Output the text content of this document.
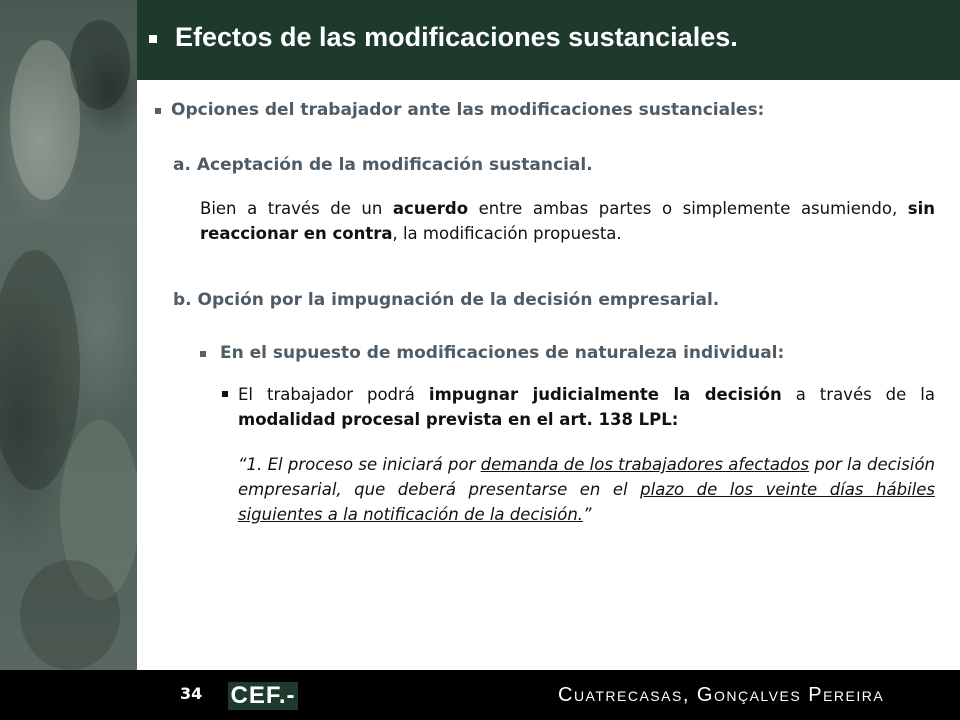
Efectos de las modificaciones sustanciales.
Opciones del trabajador ante las modificaciones sustanciales:
a. Aceptación de la modificación sustancial.
Bien a través de un acuerdo entre ambas partes o simplemente asumiendo, sin reaccionar en contra, la modificación propuesta.
b. Opción por la impugnación de la decisión empresarial.
En el supuesto de modificaciones de naturaleza individual:
El trabajador podrá impugnar judicialmente la decisión a través de la modalidad procesal prevista en el art. 138 LPL:
“1. El proceso se iniciará por demanda de los trabajadores afectados por la decisión empresarial, que deberá presentarse en el plazo de los veinte días hábiles siguientes a la notificación de la decisión.”
34 CEF.-	Cuatrecasas, Gonçalves Pereira
